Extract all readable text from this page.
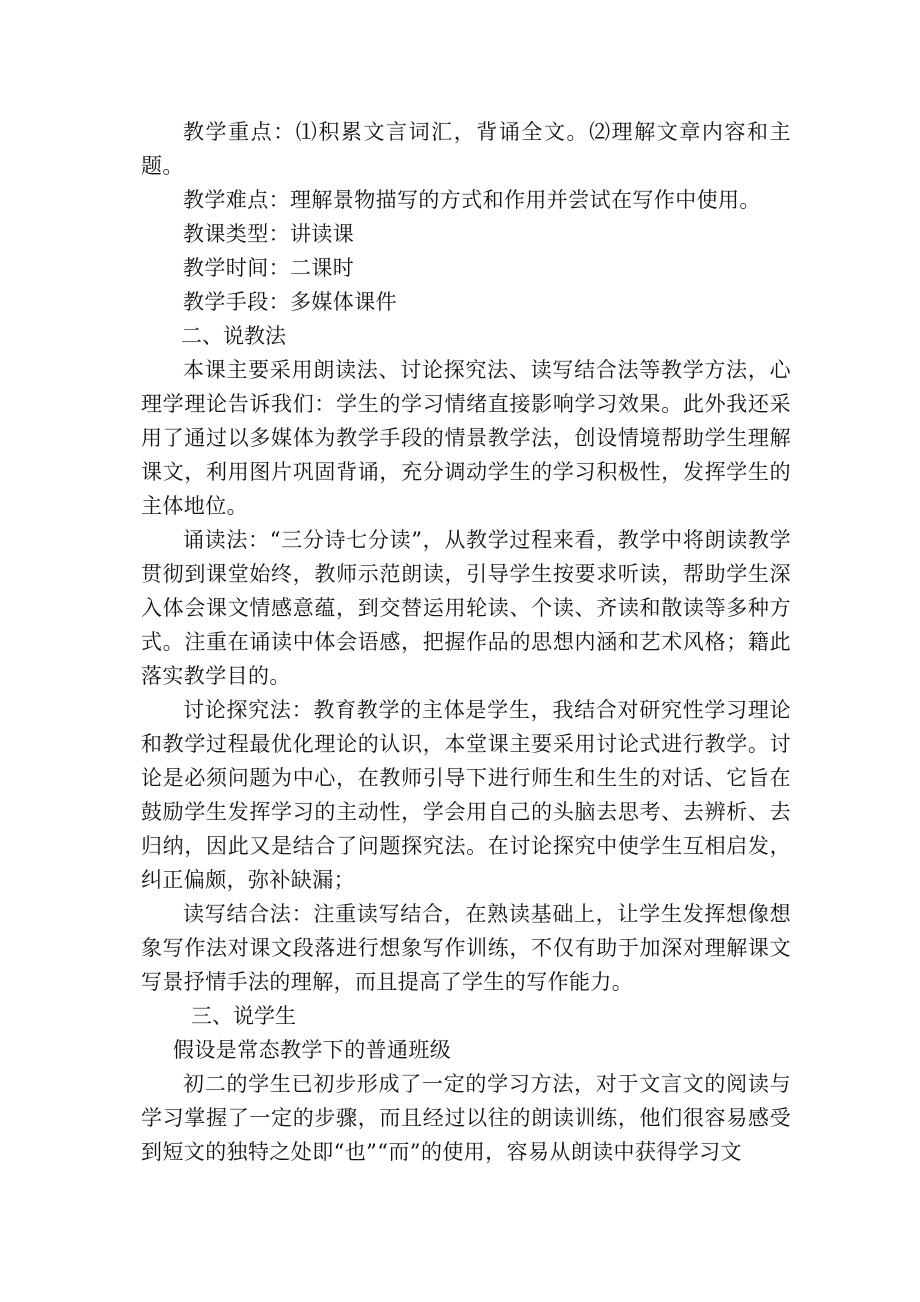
教学重点：⑴积累文言词汇，背诵全文。⑵理解文章内容和主题。

教学难点：理解景物描写的方式和作用并尝试在写作中使用。

教课类型：讲读课

教学时间：二课时

教学手段：多媒体课件

二、说教法

本课主要采用朗读法、讨论探究法、读写结合法等教学方法，心理学理论告诉我们：学生的学习情绪直接影响学习效果。此外我还采用了通过以多媒体为教学手段的情景教学法，创设情境帮助学生理解课文，利用图片巩固背诵，充分调动学生的学习积极性，发挥学生的主体地位。

诵读法：“三分诗七分读”，从教学过程来看，教学中将朗读教学贯彻到课堂始终，教师示范朗读，引导学生按要求听读，帮助学生深入体会课文情感意蕴，到交替运用轮读、个读、齐读和散读等多种方式。注重在诵读中体会语感，把握作品的思想内涵和艺术风格；籍此落实教学目的。

讨论探究法：教育教学的主体是学生，我结合对研究性学习理论和教学过程最优化理论的认识，本堂课主要采用讨论式进行教学。讨论是必须问题为中心，在教师引导下进行师生和生生的对话、它旨在鼓励学生发挥学习的主动性，学会用自己的头脑去思考、去辨析、去归纳，因此又是结合了问题探究法。在讨论探究中使学生互相启发，纠正偏颇，弥补缺漏；

读写结合法：注重读写结合，在熟读基础上，让学生发挥想像想象写作法对课文段落进行想象写作训练，不仅有助于加深对理解课文写景抒情手法的理解，而且提高了学生的写作能力。

三、说学生

假设是常态教学下的普通班级

初二的学生已初步形成了一定的学习方法，对于文言文的阅读与学习掌握了一定的步骤，而且经过以往的朗读训练，他们很容易感受到短文的独特之处即“也”“而”的使用，容易从朗读中获得学习文
